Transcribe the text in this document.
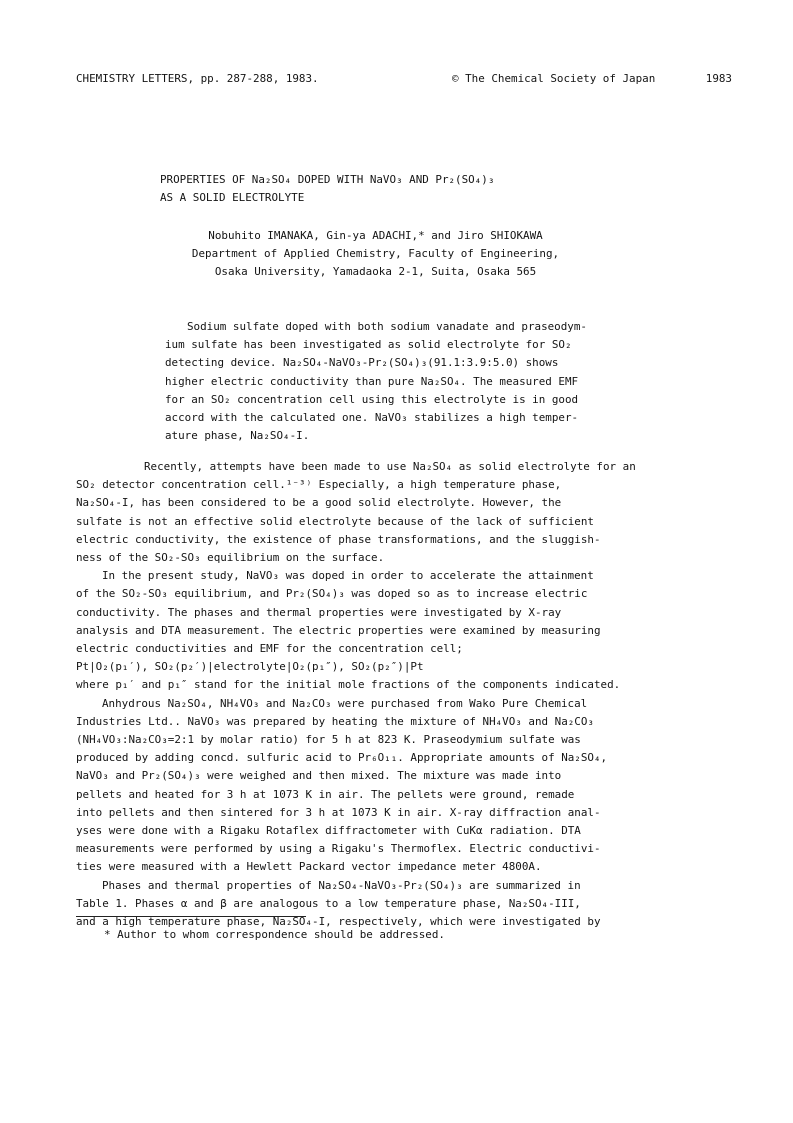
CHEMISTRY LETTERS, pp. 287-288, 1983.	© The Chemical Society of Japan	1983
PROPERTIES OF Na₂SO₄ DOPED WITH NaVO₃ AND Pr₂(SO₄)₃
AS A SOLID ELECTROLYTE
Nobuhito IMANAKA, Gin-ya ADACHI,* and Jiro SHIOKAWA
Department of Applied Chemistry, Faculty of Engineering,
Osaka University, Yamadaoka 2-1, Suita, Osaka 565
Sodium sulfate doped with both sodium vanadate and praseodym-
ium sulfate has been investigated as solid electrolyte for SO₂
detecting device. Na₂SO₄-NaVO₃-Pr₂(SO₄)₃(91.1:3.9:5.0) shows
higher electric conductivity than pure Na₂SO₄. The measured EMF
for an SO₂ concentration cell using this electrolyte is in good
accord with the calculated one. NaVO₃ stabilizes a high temper-
ature phase, Na₂SO₄-I.
Recently, attempts have been made to use Na₂SO₄ as solid electrolyte for an
SO₂ detector concentration cell.¹⁻³⁾ Especially, a high temperature phase,
Na₂SO₄-I, has been considered to be a good solid electrolyte. However, the
sulfate is not an effective solid electrolyte because of the lack of sufficient
electric conductivity, the existence of phase transformations, and the sluggish-
ness of the SO₂-SO₃ equilibrium on the surface.
In the present study, NaVO₃ was doped in order to accelerate the attainment
of the SO₂-SO₃ equilibrium, and Pr₂(SO₄)₃ was doped so as to increase electric
conductivity. The phases and thermal properties were investigated by X-ray
analysis and DTA measurement. The electric properties were examined by measuring
electric conductivities and EMF for the concentration cell;
Pt|O₂(p₁′), SO₂(p₂′)|electrolyte|O₂(p₁″), SO₂(p₂″)|Pt
where p₁′ and p₁″ stand for the initial mole fractions of the components indicated.
Anhydrous Na₂SO₄, NH₄VO₃ and Na₂CO₃ were purchased from Wako Pure Chemical
Industries Ltd.. NaVO₃ was prepared by heating the mixture of NH₄VO₃ and Na₂CO₃
(NH₄VO₃:Na₂CO₃=2:1 by molar ratio) for 5 h at 823 K. Praseodymium sulfate was
produced by adding concd. sulfuric acid to Pr₆O₁₁. Appropriate amounts of Na₂SO₄,
NaVO₃ and Pr₂(SO₄)₃ were weighed and then mixed. The mixture was made into
pellets and heated for 3 h at 1073 K in air. The pellets were ground, remade
into pellets and then sintered for 3 h at 1073 K in air. X-ray diffraction anal-
yses were done with a Rigaku Rotaflex diffractometer with CuKα radiation. DTA
measurements were performed by using a Rigaku's Thermoflex. Electric conductivi-
ties were measured with a Hewlett Packard vector impedance meter 4800A.
Phases and thermal properties of Na₂SO₄-NaVO₃-Pr₂(SO₄)₃ are summarized in
Table 1. Phases α and β are analogous to a low temperature phase, Na₂SO₄-III,
and a high temperature phase, Na₂SO₄-I, respectively, which were investigated by
* Author to whom correspondence should be addressed.
